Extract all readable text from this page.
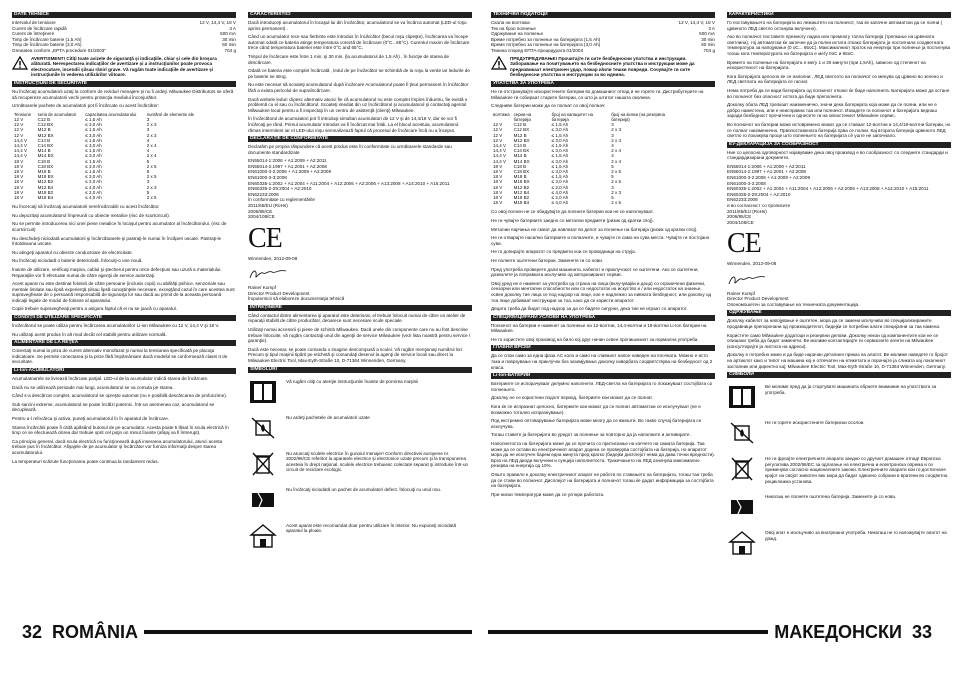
DATE TEHNICE
Intervalul de tensiune	12 V, 14,4 V, 18 V
Curent de încărcare rapidă	3 A
Curent de întreţinere	500 mA
Timp de încărcare baterie (1,5 Ah)	30 min
Timp de încărcare baterie (3,0 Ah)	60 min
Greutatea conform „EPTA procedure 01/2003"	704 g
AVERTISMENT! Citiţi toate avizele de siguranţă şi indicaţiile, chiar şi cele din broşura alăturată. Nerespectarea indicaţiilor de avertizare şi a instrucţiunilor poate provoca electrocutare, incendii şi/sau răniri grave. Vă rugăm toate indicaţiile de avertizare şi instrucţiunile în vederea utilizărilor viitoare.
INSTRUCŢIUNI DE SECURITATE

Nu încărcaţi acumulatorii uzaţi la conform de reziduri menajere şi nu îi ardeţi. Milwaukee Distributors se oferă să recupereze acumulatorii vechi pentru protecţia mediului înconjurător.

Următoarele pachete de acumulatori pot fi încărcate cu acest încărcător:

Tensiune	seria de acumulatori	capacitatea acumulatorului	numărul de elemente ale
12 V	C12 B	≤ 1,5 Ah	3
12 V	C12 BX	≤ 3,0 Ah	2 x 3
12 V	M12 B	≤ 1,5 Ah	3
12 V	M12 BX	≤ 3,0 Ah	2 x 3
14,4 V	C14 B	≤ 1,5 Ah	4
14,4 V	C14 BX	≤ 3,0 Ah	2 x 4
14,4 V	M14 B	≤ 1,5 Ah	4
14,4 V	M14 BX	≤ 3,0 Ah	2 x 4
18 V	C18 B	≤ 1,5 Ah	5
18 V	C18 BX	≤ 3,0 Ah	2 x 5
18 V	M18 B	≤ 1,5 Ah	5
18 V	M18 BX	≤ 3,0 Ah	2 x 5
18 V	M12 B2	≤ 2,0 Ah	3
18 V	M12 B4	≤ 4,0 Ah	2 x 3
18 V	M18 B2	≤ 2,0 Ah	5
18 V	M18 B4	≤ 4,0 Ah	2 x 5

Nu încercaţi să încărcaţi acumulatorii nereîncărcabili cu acest încărcător.

Nu depozitaţi acumulatorul împreună cu obiecte metalice (risc de scurtcircuit).

Nu se permite introducerea nici unei piese metalice în locaşul pentru acumulator al încărcătorului. (risc de scurtcircuit)

Nu deschideţi niciodată acumulatorii şi încărcătoarele şi pastraţi-le numai în încăperi uscate. Pastraţi-le întotdeauna uscate.

Nu atingeţi aparatul cu obiecte conductoare de electricitate.

Nu încărcaţi niciodată o baterie deteriorată. Înlocuiţi-o une nouă.

Înainte de utilizare, verificaţi maşina, cablul şi ştecherul pentru orice defecţiuni sau uzură a materialului. Reparaţiile vor fi efectuate numai de către agenţii de service autorizaţi.

Acest aparat nu este destinat folosirii de către persoane (inclusiv copii) cu abilităţi psihice, senzoriale sau mentale limitate sau lipsă experienţă şi/sau lipsă cunoştinţele necesare, excepţând cazul în care acestea sunt supravegheate de o persoană responsabilă de siguranţa lor sau dacă au primit de la aceasta persoană indicaţii legate de modul de folosire al aparatului.

Copiii trebuie supravegheaţi pentru a asigura faptul că ei nu se joacă cu aparatul.

CONDIŢII DE UTILIZARE SPECIFICATE

Încărcătorul se poate utiliza pentru încărcarea acumulatorilor Li-ion Milwaukee cu 12 V, 14,4 V şi 18 V.

Nu utilizaţi acest produs în alt mod decât cel stabilit pentru utilizare normală.

ALIMENTARE DE LA REŢEA

Conectaţi numai la priza de curent alternativ monofazat şi numai la tensiunea specificată pe placuţa indicatoare. Se permite conectarea şi la prize fără împământare dacă modelul se conformează clasei II de securitate.

Li-Ion-ACUMULATORI

Acumulatoarele se livrează încărcate parţial. LED-ul de la acumulator indică starea de încărcare.

Dacă nu se utilizează perioade mai lungi, acumulatorul se va comuta pe starea.

Când s-a descărcat complet, acumulatorul se opreşte automat (nu e posibilă descărcarea de profunzime).

Sub sarcini extreme, acumulatorul se poate încălzi puternic. Într-un asemenea caz, acumulatorul se decuplează.

Pentru a-l reîncărca şi activa, puneţi acumulatorul în în aparatul de încărcare.

Starea încărcării poate fi citită apăsând butonul de pe acumulator. Acesta poate 5 lăsat în scula electrică în timp ce se efectuează citirea dar trebuie oprit cel puţin un minut înainte (afişaj va fi întrerupt).

Ca principiu general, dacă scula electrică nu funcţionează după inserarea acumulatorului, atunci acesta trebuie pus în încărcător. Afişajele de pe acumulator şi încărcător vor furniza informaţii despre starea acumulatorului.

La temperaturi scăzute funcţionarea poate continua la randament redus.

CARACTERISTICI

Dacă introduceţi acumulatorul în locaşul lui din încărcător, acumulatorul se va încărca automat (LED-ul roşu aprins permanent) .

Când un acumulator rece sau fierbinte este introdus în încărcător (becul roşu clipeşte), încărcarea va începe automat odată ce bateria atinge temperatura corectă de încărcare (0°C...65°C). Curentul maxim de încărcare trece când temperatura bateriei este între 0°C and 65°C.

Timpul de încărcare este între 1 min. şi 30 min. (la acumulatorul de 1,5 Ah) , în funcţie de starea de descărcare.

Odată ce bateria este complet încărcată , ledul de pe încărcător se schimbă de la roşu la verde iar ledurile de pe baterie se sting.

Nu este necesar să scoateţi acumulatorul după încărcare Acumulatorul poate fi ţinut permanent în încărcător fără a exista pericolul de supraîncărcare.

Dacă ambele leduri clipesc alternativ atunci fie că acumulatorul nu este complet împins înăuntru, fie există o problemă cu el sau cu încărcătorul. Scoateţi imediat din uz încărcătorul şi acumulatorul şi contactaţi agentul Milwaukee local pentru a fi inspectaţi în un centru de asistenţă (clienţi) Milwaukee.

În încărcătorul de acumulatori pot fi introduşi simultan acumulatori de 12 V şi de 14,4/18 V, dar se vor fi încărcaţi pe rând. Primul acumulator introdus va fi încărcat mai întâi. La el blocul acestuia, acumulatorul rămas intermitent iar el LED-ului roşu semnalizează faptul că procesul de încărcare încă nu a început.

DECLARAŢIE DE CONFORMITATE

Declarăm pe propria răspundere că acest produs este în conformitate cu următoarele standarde sau documente standardizate

EN55014-1:2006 + A1:2009 + A2:2011
EN55014-2:1997 + A1:2001 + A2:2008
EN61000-3-2:2006 + A1:2009 + A2:2009
EN61000-3-3:2008
EN60335-1:2002 + A1:2004 + A11:2004 + A12:2006 + A2:2006 + A13:2008 + A14:2010 + A15:2011
EN60335-2-29:2004 + A2:2010
EN62233:2008
în conformitate cu reglementările
2011/65/EU (RoHs)
2006/95/CE
2004/108/CE
CE
Winnenden, 2012-09-08
Rainer Kumpf
Director Product Development
Împuternicit să elaboreze documentaţia tehnică
ÎNTREŢINERE

Când contactul dintre alimentarea şi aparatul este deteriorat, el trebuie înlocuit numai de către un atelier de reparaţii stabilit de către producător, deoarece sunt necesare scule speciale.

Utilizaţi numai accesorii şi piese de schimb Milwaukee. Dacă unele din componente care nu au fost descrise trebuie înlocuite, vă rugăm contactaţi unul din agenţii de service Milwaukee (vezi lista noastră pentru service / garanţie).

Dacă este necesar, se poate comanda o imagine descompusă a sculei. Vă rugăm menţionaţi numărul lor/. Precum şi tipul maşinii tipărit pe etichetă şi comandaţi desenul la agenţi de service locali sau direct la Milwaukee Electric Tool, Max-Eyth-Straße 10, D-71364 Winnenden, Germany.

SIMBOLURI
i
Vă rugăm citiţi cu atenţie instrucţiunile înainte de pornirea maşinii
Nu ardeţi pachetele de acumulatori uzate
Nu aruncaţi sculele electrice în gunoiul menajer! Conform directivei europene nr. 2002/96/CE referitor la aparatele electrice şi electronice uzate precum şi la transpunerea acesteia în drept naţional, sculele electrice trebuiesc colectate separat şi introduse într-un circuit de reciclare ecologic.
Nu încărcaţi niciodată un pachet de acumulatori defect. Înlocuiţi cu unul nou.
Acest aparat este recomandat doar pentru utilizare în interior. Nu expuneţi niciodată aparatul la ploaie.
ТЕХНИЧКИ ПОДАТОЦИ
Скала на волтажа	12 V, 14,4 V, 18 V
Тек на брзо полнење	3 A
Одржување на полнење	500 mA
Време потребно за полнење на батеријата (1,5 Ah)	30 min
Време потребно за полнење на батеријата (3,0 Ah)	60 min
Тежина според ЕПТА-процедурата 01/2003	704 g
ПРЕДУПРЕДУВАЊЕ! Прочитајте ги сите безбедносни упатства и инструкции. Заборавање на почитувањето на безбедносните упатства и инструкции може да предизвикаат електричен удар, пожар и/или тешки повреди. Сочувајте ги сите безбедносни упатства и инструкции за во иднина.
УПАТСТВА ЗА УПОТРЕБА

Не ги отстранувајте искористените батерии во домашниот отпад и не горете ги. Дистрибутерите на Milwaukee ги собираат старите батерии, со што ја штитат нашата околина.

Следниве батерии може да се полнат со овој полнач:

волтажа	серии на батерија	број на капацитет на батерија	број на ќелии (на резервна батерија)
12 V	C12 B	≤ 1,5 Ah	3
12 V	C12 BX	≤ 3,0 Ah	2 x 3
12 V	M12 B	≤ 1,5 Ah	3
12 V	M12 BX	≤ 3,0 Ah	2 x 3
14,4 V	C14 B	≤ 1,5 Ah	4
14,4 V	C14 BX	≤ 3,0 Ah	2 x 4
14,4 V	M14 B	≤ 1,5 Ah	4
14,4 V	M14 BX	≤ 3,0 Ah	2 x 4
18 V	C18 B	≤ 1,5 Ah	5
18 V	C18 BX	≤ 3,0 Ah	2 x 5
18 V	M18 B	≤ 1,5 Ah	5
18 V	M18 BX	≤ 3,0 Ah	2 x 5
18 V	M12 B2	≤ 2,0 Ah	3
18 V	M12 B4	≤ 4,0 Ah	2 x 3
18 V	M18 B2	≤ 2,0 Ah	5
18 V	M18 B4	≤ 4,0 Ah	2 x 5

Со овој полнач не се обидувајте да полните батерии кои не се наполнуваат.

Не ги чувајте батериите заедно со метални предмети (ризик од кратки спој).

Металии парчиња не смеат да навлезат во делот за полнење на батерија (ризик од кратки спој).

Не ги отварајте насилно батериите и полначите, и чувајте ги само на сува места. Чувајте ги постојано суви.

Не го допирајте апаратот со предмети кои се проводници на струја.

Не полнете оштетени батерии. Заменете ги со нови.

Пред употреба проверете дали машината, кабелот и приклучокот се оштетени. Ако се оштетени, дозволете ја поправката исклучиво од авторизиранот сервис.

Овој уред не е наменет за употреба од страна на лица (вклучувајќи и деца) со ограничени физички, сензорни или ментални способности или со недостаток на искуство и / или недостаток на знаење, освен доколку тие лица се под надзор на лице, кое е надлежно за нивната безбедност, или доколку од тоа лице добиваат инструкции за тоа, како да се користи апаратот.

Децата треба да бидат под надзор за да се бидете сигурни, дека тие не играат со апаратот.

СПЕЦИФИЦИРАНИ УСЛОВИ НА УПОТРЕБА

Полначот на батерии е наменет за полнење на 12-волтни, 14,4-волтни и 18-волтни Li-Ion батерии на Milwaukee.

Не го користете овој производ на било кој друг начин освен пропишаниот за нормална употреба.

ГЛАВНИ ВРСКИ

Да се спои само за една фаза AC коло и само на главниот напон наведен на плочката. Можно е исто така и поврзување на приклучок без заземјување доколку изведбата соодветствува на безбедност од 2 класа.

Li-Ion-БАТЕРИИ

Батериите се испорачуваат делумно наполнети. ЛЕД-светла на батеријата го покажуваат состојбата со полнењето.

Доколку не се користени подолг период, батериите кои можат да се полнат.

Кога ќе се испразнат целосно, батериите кои можат да се полнат автоматски се исклучуваат (не е возможно тотално испразнување).

Под екстремно оптоварување батеријата може многу да се вжешти. Во такво случај батеријата се исклучува.

Тогаш ставете ја батеријата во уредот за полнење за повторно да ја наполните и активирате.

Наполнетоста на батеријата може да се прочита со притискање на копчето на самата батерија. Таа може да се остави во електричниот апарат додека се проверува состојбата на батерија, но апаратот мора да не исклучен барем една минута пред кратко (бидејќи дисплејот нема да дава точни вредности). Брзо на ЛЕД диоди вклучени и сунција наполнетоста. Тракечањето на ЛЕД означува максимално резерва на енергија од 10%.

Општо правило е доколку електричниот апарат не работи по ставањето на батеријата, тогаш таа треба да се стави во полначот. Дисплејот на батеријата и полначот тогаш ќе дадат информација за состојбата на батеријата.

При ниски температури може да се успори работата.

КАРАКТЕРИСТИКИ

Го поставувањето на батеријата во лежиштето на полначот, таа ќе започне автоматски да се полни ( црвеното ЛЕД светло останува вклучено).

Ако во полначот поставите премногу ладна или премногу топла батерија (трепкање на црвената светлина), тој автоматски ќе започне да ја полни истата откако батеријата ја постигнала соодветната температура за напојување (0 oC... 65oC). Максималниот проток на енергија при полнење ја постигнува тогаш кога температурата на батеријата е меѓу 0oC и 65oC.

Времето на полнење на батеријата е меѓу 1 и 30 минути (при 1,5Ah), зависно од степенот на искористеност на батеријата.

Кога батеријата целосно ќе се наполни , ЛЕД светлото на полначот се менува од црвено во зелено и ЛЕД светлата на батеријата се гаснат.

Нема потреба да се вади батеријата од полначот откако ќе биде наполнета. Батеријата може да остане во полначот без опасност истата да биде преполнета.

Доколку обата ЛЕД трепкаат наизменично, значи дека батеријата која може да се полни, или не е добро наместена, или е неисправна таа или полначот. Извадете ги полначот и батеријата веднаш заради безбедност прочитени и однесете ги на овластениот Milwaukee сервис.

Во полначот на батерии може истовремено можат да се ставаат 12-волтни и 14,4/18-волтни батерии, но се полнат наизменично. Првопоставената батерија прва се полни. Кај втората батерија црвеното ЛЕД светло го покажува проце што полнењето на батеријата сѐ уште не започнало.

ЕУ-ДЕКЛАРАЦИЈА ЗА СООБРАЗНОСТ

Ние со целосна одговорност изјавуваме дека овој производ е во сообразност со следните стандарди и стандардизирани документи.

EN55014-1:2006 + A1:2009 + A2:2011
EN55014-2:1997 + A1:2001 + A2:2008
EN61000-3-2:2006 + A1:2009 + A2:2009
EN61000-3-3:2008
EN60335-1:2002 + A1:2004 + A11:2004 + A12:2006 + A2:2006 + A13:2008 + A14:2010 + A15:2011
EN60335-2-29:2004 + A2:2010
EN62233:2008
и во согласност со прописите
2011/65/EU (RoHs)
2006/95/CE
2004/108/CE
CE
Winnenden, 2012-09-08
Rainer Kumpf
Director Product Development
Опономошетен за составување на техничката документација.
ОДРЖУВАЊЕ

Доколку кабелот за напојување е оштетен, мора да се замени исклучиво во специјализираните продавници препорачани од производителот, бидејќи се потребни алати специјални за таа намена.

Користете само Milwaukee додатоци и резервни делови. Доколку некои од компонентите кои не се опишани треба да бидат заменети, Ве молиме контактирајте ги сервисните агенти на Milwaukee (консултирајте ја листата на адреси).

Доколку е потребно може и да биде нарачан деталиен приказ на алатот. Ве молиме наведете го бројот на артиклот како и типот на машина кој е отпечатен на етикетата и порачајте ја сликата кај локалниот застапник или директно кај: Milwaukee Electric Tool, Max-Eyth-Straße 10, D-71364 Winnenden, Germany.

СИМБОЛИ
i
Ве молиме пред да ја стартувате машината обрнете внимание на упатствата за употреба.
Не ги горете искористените батериски осолои.
Не ги фрлајте електричните апарати заедно со другиот домашен отпад! Европска регулатива 2002/96/ЕС за одлагање на електрична и електронска опрема и се применува согласно националните закони. Електричните апарати кои го достигнале крајот на својот животен век мора да бидат одвоено собрани и вратени во соодветна рециклажна установа.
Никогаш не полнете оштетена батерија. Заменете ја со нова.
Овој апат е искључиво за внатрешна употреба. Никогаш не го изложувајте апатот на дожд.
32 ROMÂNIA	МАКЕДОНСКИ 33
